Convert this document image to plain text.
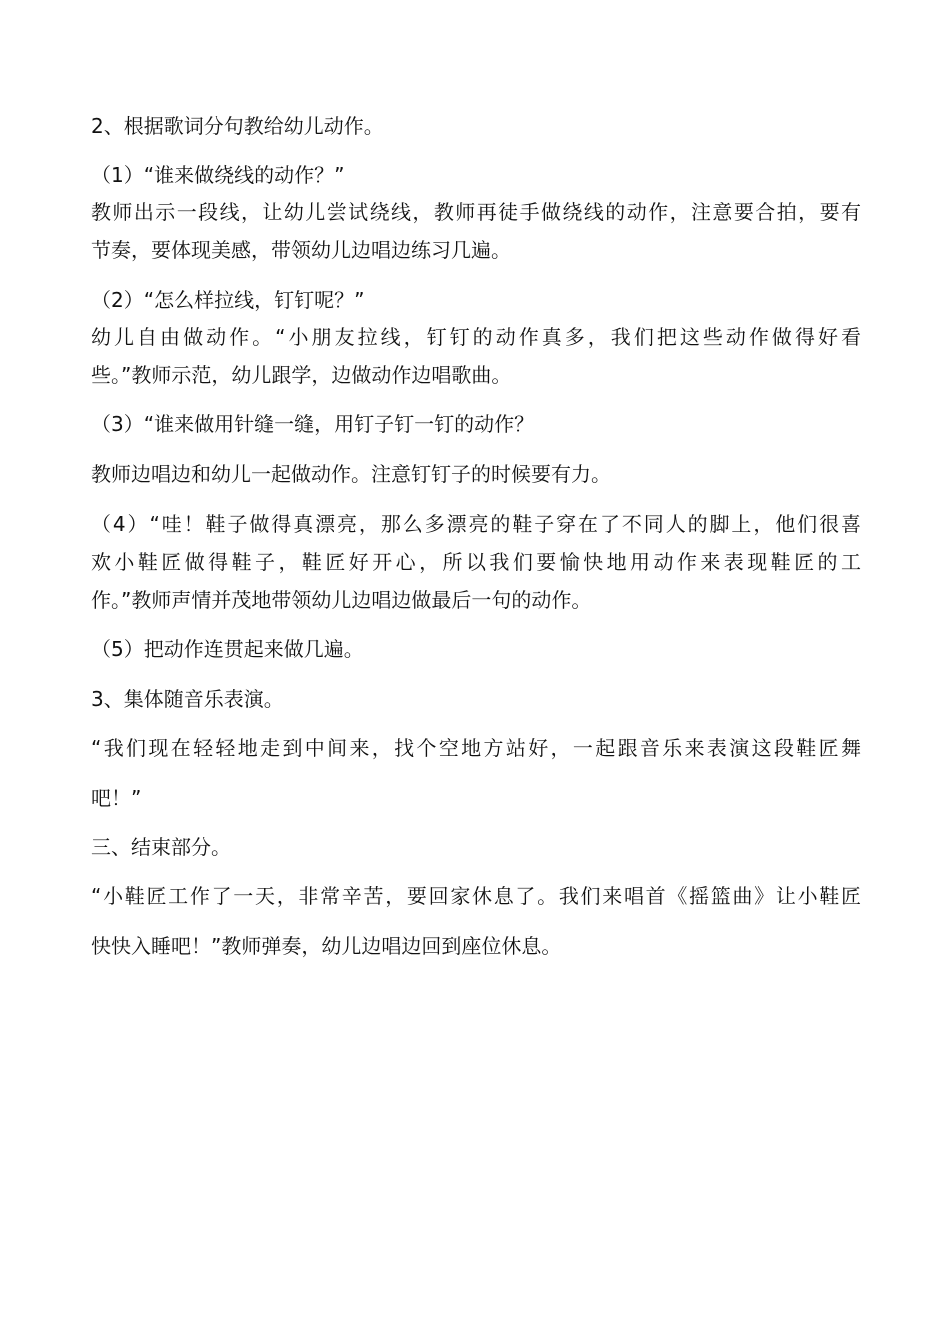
2、根据歌词分句教给幼儿动作。
（1）“谁来做绕线的动作？”
教师出示一段线，让幼儿尝试绕线，教师再徒手做绕线的动作，注意要合拍，要有
节奏，要体现美感，带领幼儿边唱边练习几遍。
（2）“怎么样拉线，钉钉呢？”
幼儿自由做动作。“小朋友拉线，钉钉的动作真多，我们把这些动作做得好看
些。”教师示范，幼儿跟学，边做动作边唱歌曲。
（3）“谁来做用针缝一缝，用钉子钉一钉的动作？
教师边唱边和幼儿一起做动作。注意钉钉子的时候要有力。
（4）“哇！鞋子做得真漂亮，那么多漂亮的鞋子穿在了不同人的脚上，他们很喜
欢小鞋匠做得鞋子，鞋匠好开心，所以我们要愉快地用动作来表现鞋匠的工
作。”教师声情并茂地带领幼儿边唱边做最后一句的动作。
（5）把动作连贯起来做几遍。
3、集体随音乐表演。
“我们现在轻轻地走到中间来，找个空地方站好，一起跟音乐来表演这段鞋匠舞
吧！”
三、结束部分。
“小鞋匠工作了一天，非常辛苦，要回家休息了。我们来唱首《摇篮曲》让小鞋匠
快快入睡吧！”教师弹奏，幼儿边唱边回到座位休息。
